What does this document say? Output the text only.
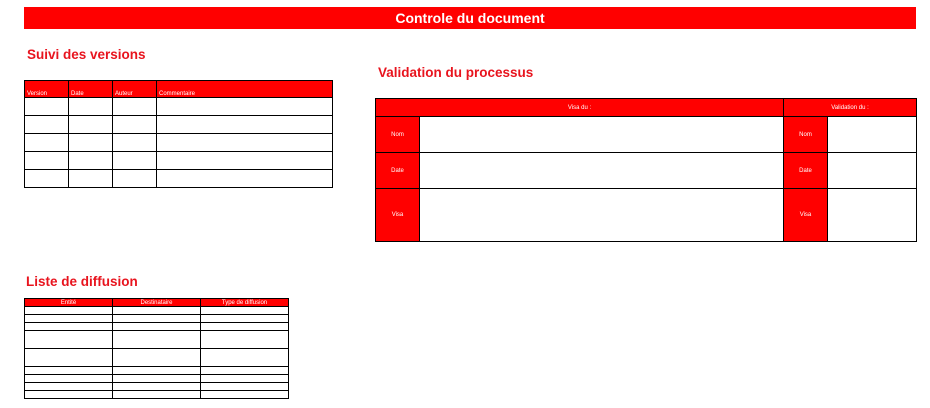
Controle du document
Suivi des versions
Version	Date	Auteur	Commentaire

Validation du processus
Visa du :		Validation du :	
Nom		Nom	
Date		Date	
Visa		Visa	
Liste de diffusion
Entité	Destinataire	Type de diffusion
